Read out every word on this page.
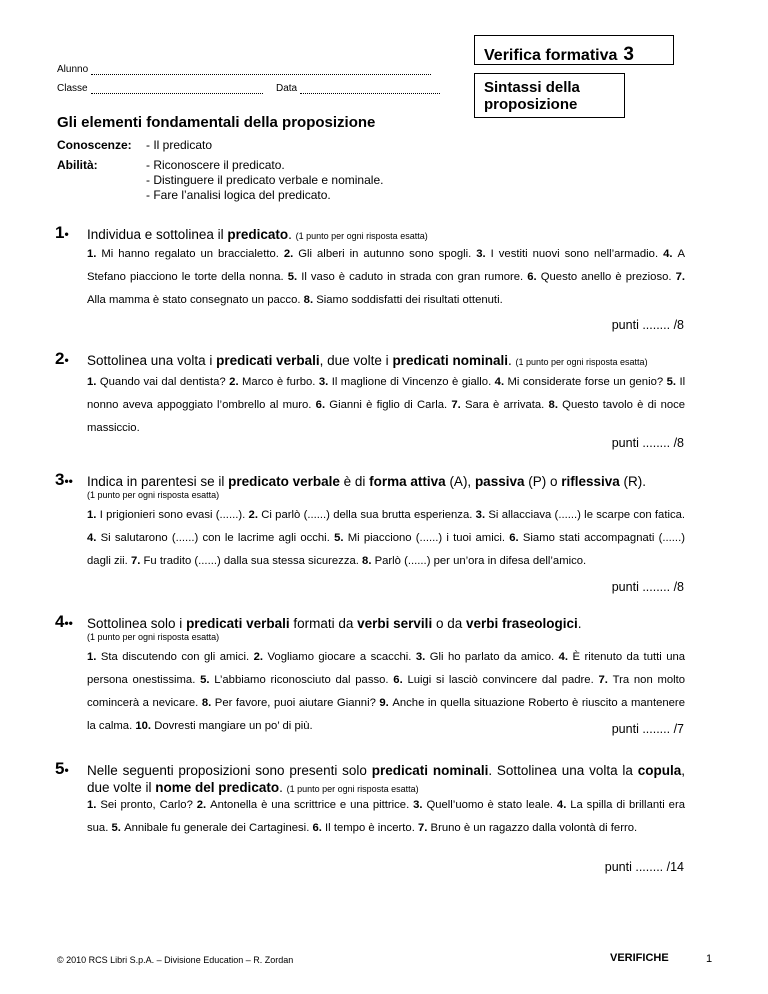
Alunno
Classe	Data
Verifica formativa 3
Sintassi della proposizione
Gli elementi fondamentali della proposizione
Conoscenze: - Il predicato
Abilità:	- Riconoscere il predicato.
- Distinguere il predicato verbale e nominale.
- Fare l’analisi logica del predicato.
1• Individua e sottolinea il predicato. (1 punto per ogni risposta esatta)
1. Mi hanno regalato un braccialetto. 2. Gli alberi in autunno sono spogli. 3. I vestiti nuovi sono nell’armadio. 4. A Stefano piacciono le torte della nonna. 5. Il vaso è caduto in strada con gran rumore. 6. Questo anello è prezioso. 7. Alla mamma è stato consegnato un pacco. 8. Siamo soddisfatti dei risultati ottenuti.
punti ........ /8
2• Sottolinea una volta i predicati verbali, due volte i predicati nominali. (1 punto per ogni risposta esatta)
1. Quando vai dal dentista? 2. Marco è furbo. 3. Il maglione di Vincenzo è giallo. 4. Mi considerate forse un genio? 5. Il nonno aveva appoggiato l’ombrello al muro. 6. Gianni è figlio di Carla. 7. Sara è arrivata. 8. Questo tavolo è di noce massiccio.
punti ........ /8
3•• Indica in parentesi se il predicato verbale è di forma attiva (A), passiva (P) o riflessiva (R).
(1 punto per ogni risposta esatta)
1. I prigionieri sono evasi (......). 2. Ci parlò (......) della sua brutta esperienza. 3. Si allacciava (......) le scarpe con fatica. 4. Si salutarono (......) con le lacrime agli occhi. 5. Mi piacciono (......) i tuoi amici. 6. Siamo stati accompagnati (......) dagli zii. 7. Fu tradito (......) dalla sua stessa sicurezza. 8. Parlò (......) per un’ora in difesa dell’amico.
punti ........ /8
4•• Sottolinea solo i predicati verbali formati da verbi servili o da verbi fraseologici.
(1 punto per ogni risposta esatta)
1. Sta discutendo con gli amici. 2. Vogliamo giocare a scacchi. 3. Gli ho parlato da amico. 4. È ritenuto da tutti una persona onestissima. 5. L’abbiamo riconosciuto dal passo. 6. Luigi si lasciò convincere dal padre. 7. Tra non molto comincerà a nevicare. 8. Per favore, puoi aiutare Gianni? 9. Anche in quella situazione Roberto è riuscito a mantenere la calma. 10. Dovresti mangiare un po’ di più.	punti ........ /7
5• Nelle seguenti proposizioni sono presenti solo predicati nominali. Sottolinea una volta la copula, due volte il nome del predicato. (1 punto per ogni risposta esatta)
1. Sei pronto, Carlo? 2. Antonella è una scrittrice e una pittrice. 3. Quell’uomo è stato leale. 4. La spilla di brillanti era sua. 5. Annibale fu generale dei Cartaginesi. 6. Il tempo è incerto. 7. Bruno è un ragazzo dalla volontà di ferro.
punti ........ /14
© 2010 RCS Libri S.p.A. – Divisione Education – R. Zordan	VERIFICHE	1
